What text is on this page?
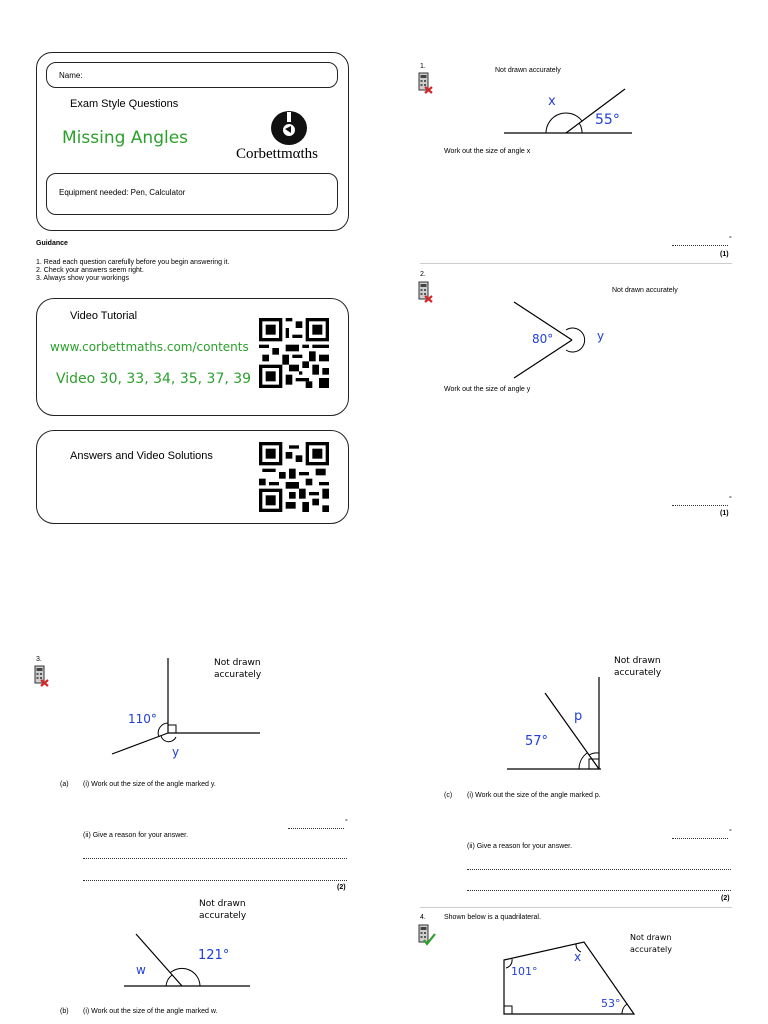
Name:
Exam Style Questions
Missing Angles
Corbettmαths
Equipment needed: Pen, Calculator
Guidance
1. Read each question carefully before you begin answering it.
2. Check your answers seem right.
3. Always show your workings
Video Tutorial
www.corbettmaths.com/contents
Video 30, 33, 34, 35, 37, 39
Answers and Video Solutions
1.
Not drawn accurately
x
55°
Work out the size of angle x
°
(1)
2.
Not drawn accurately
80°	y
Work out the size of angle y
°
(1)
3.	Not drawn
accurately
110°
y
(a) (i) Work out the size of the angle marked y.
°
(ii) Give a reason for your answer.
(2)
Not drawn
accurately
121°
w
(b) (i) Work out the size of the angle marked w.
Not drawn
accurately
p
57°
(c) (i) Work out the size of the angle marked p.
°
(ii) Give a reason for your answer.
(2)
4.	Shown below is a quadrilateral.
Not drawn
accurately
101°
x
53°
